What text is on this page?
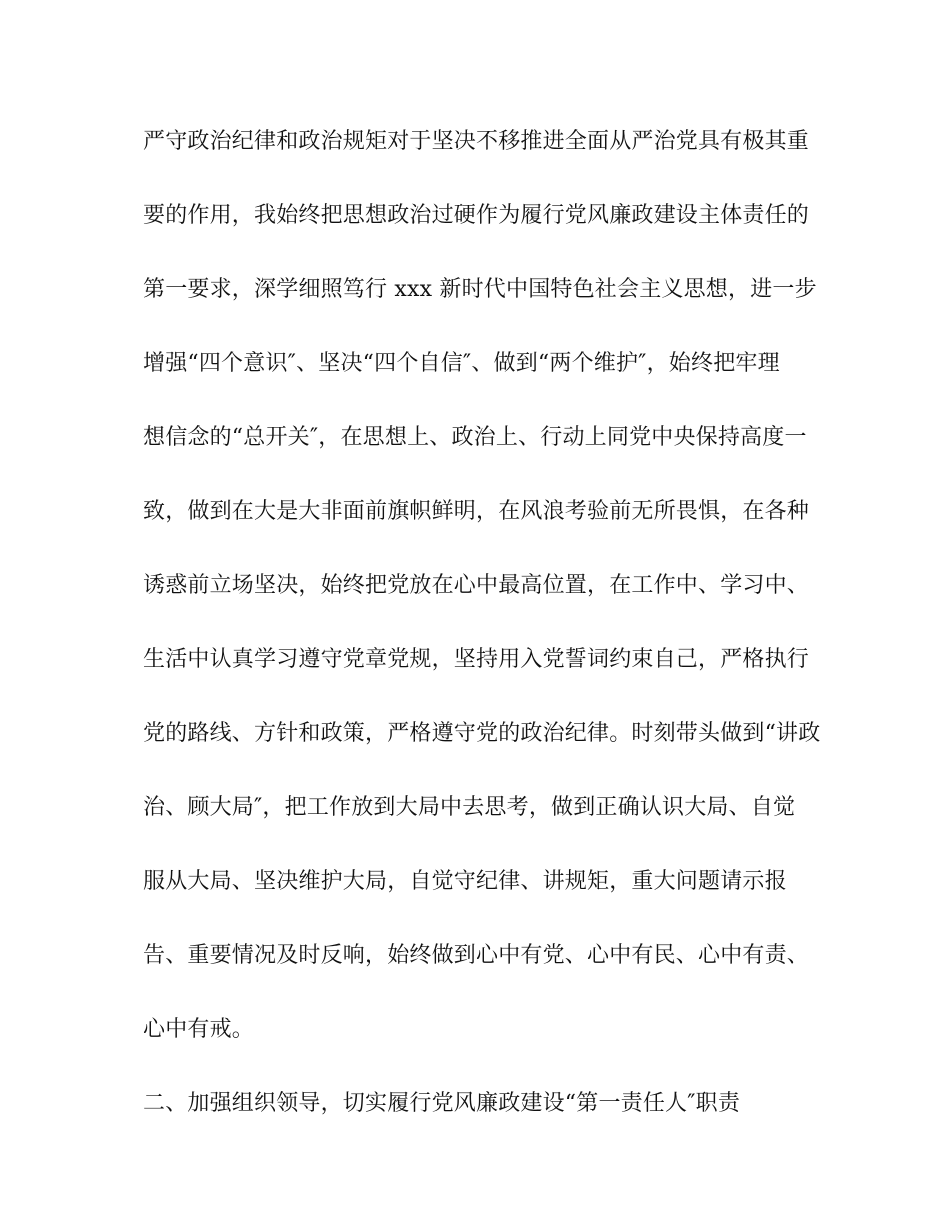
严守政治纪律和政治规矩对于坚决不移推进全面从严治党具有极其重
要的作用，我始终把思想政治过硬作为履行党风廉政建设主体责任的
第一要求，深学细照笃行 xxx 新时代中国特色社会主义思想，进一步
增强“四个意识″、坚决“四个自信″、做到“两个维护″，始终把牢理
想信念的“总开关″，在思想上、政治上、行动上同党中央保持高度一
致，做到在大是大非面前旗帜鲜明，在风浪考验前无所畏惧，在各种
诱惑前立场坚决，始终把党放在心中最高位置，在工作中、学习中、
生活中认真学习遵守党章党规，坚持用入党誓词约束自己，严格执行
党的路线、方针和政策，严格遵守党的政治纪律。时刻带头做到“讲政
治、顾大局″，把工作放到大局中去思考，做到正确认识大局、自觉
服从大局、坚决维护大局，自觉守纪律、讲规矩，重大问题请示报
告、重要情况及时反响，始终做到心中有党、心中有民、心中有责、
心中有戒。
二、加强组织领导，切实履行党风廉政建设“第一责任人″职责
